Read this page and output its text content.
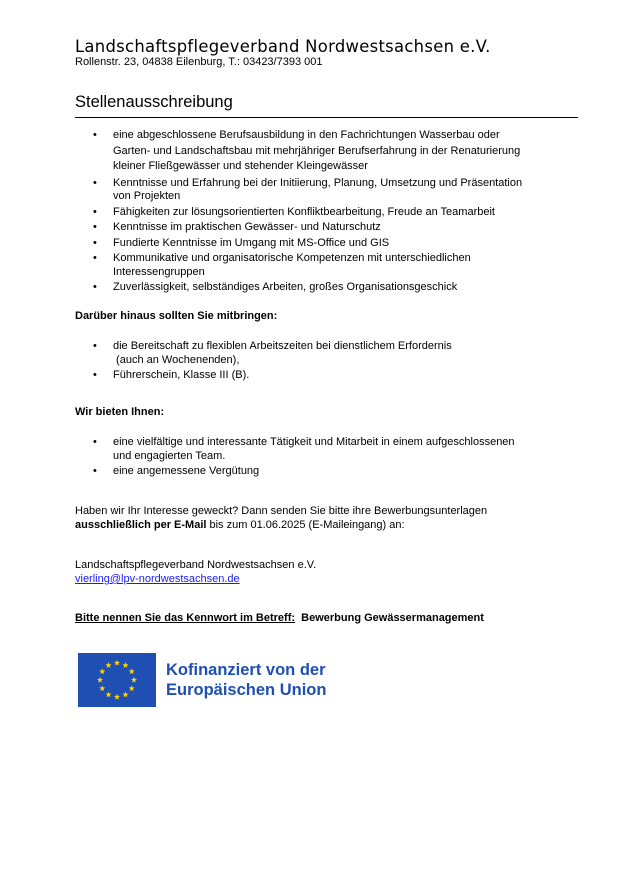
Landschaftspflegeverband Nordwestsachsen e.V.
Rollenstr. 23, 04838 Eilenburg, T.: 03423/7393 001
Stellenausschreibung
• eine abgeschlossene Berufsausbildung in den Fachrichtungen Wasserbau oder
Garten- und Landschaftsbau mit mehrjähriger Berufserfahrung in der Renaturierung
kleiner Fließgewässer und stehender Kleingewässer
• Kenntnisse und Erfahrung bei der Initiierung, Planung, Umsetzung und Präsentation
von Projekten
• Fähigkeiten zur lösungsorientierten Konfliktbearbeitung, Freude an Teamarbeit
• Kenntnisse im praktischen Gewässer- und Naturschutz
• Fundierte Kenntnisse im Umgang mit MS-Office und GIS
• Kommunikative und organisatorische Kompetenzen mit unterschiedlichen
Interessengruppen
• Zuverlässigkeit, selbständiges Arbeiten, großes Organisationsgeschick
Darüber hinaus sollten Sie mitbringen:
• die Bereitschaft zu flexiblen Arbeitszeiten bei dienstlichem Erfordernis
(auch an Wochenenden),
• Führerschein, Klasse III (B).
Wir bieten Ihnen:
• eine vielfältige und interessante Tätigkeit und Mitarbeit in einem aufgeschlossenen
und engagierten Team.
• eine angemessene Vergütung
Haben wir Ihr Interesse geweckt? Dann senden Sie bitte ihre Bewerbungsunterlagen
ausschließlich per E-Mail bis zum 01.06.2025 (E-Maileingang) an:
Landschaftspflegeverband Nordwestsachsen e.V.
vierling@lpv-nordwestsachsen.de
Bitte nennen Sie das Kennwort im Betreff:  Bewerbung Gewässermanagement
Kofinanziert von der
Europäischen Union
